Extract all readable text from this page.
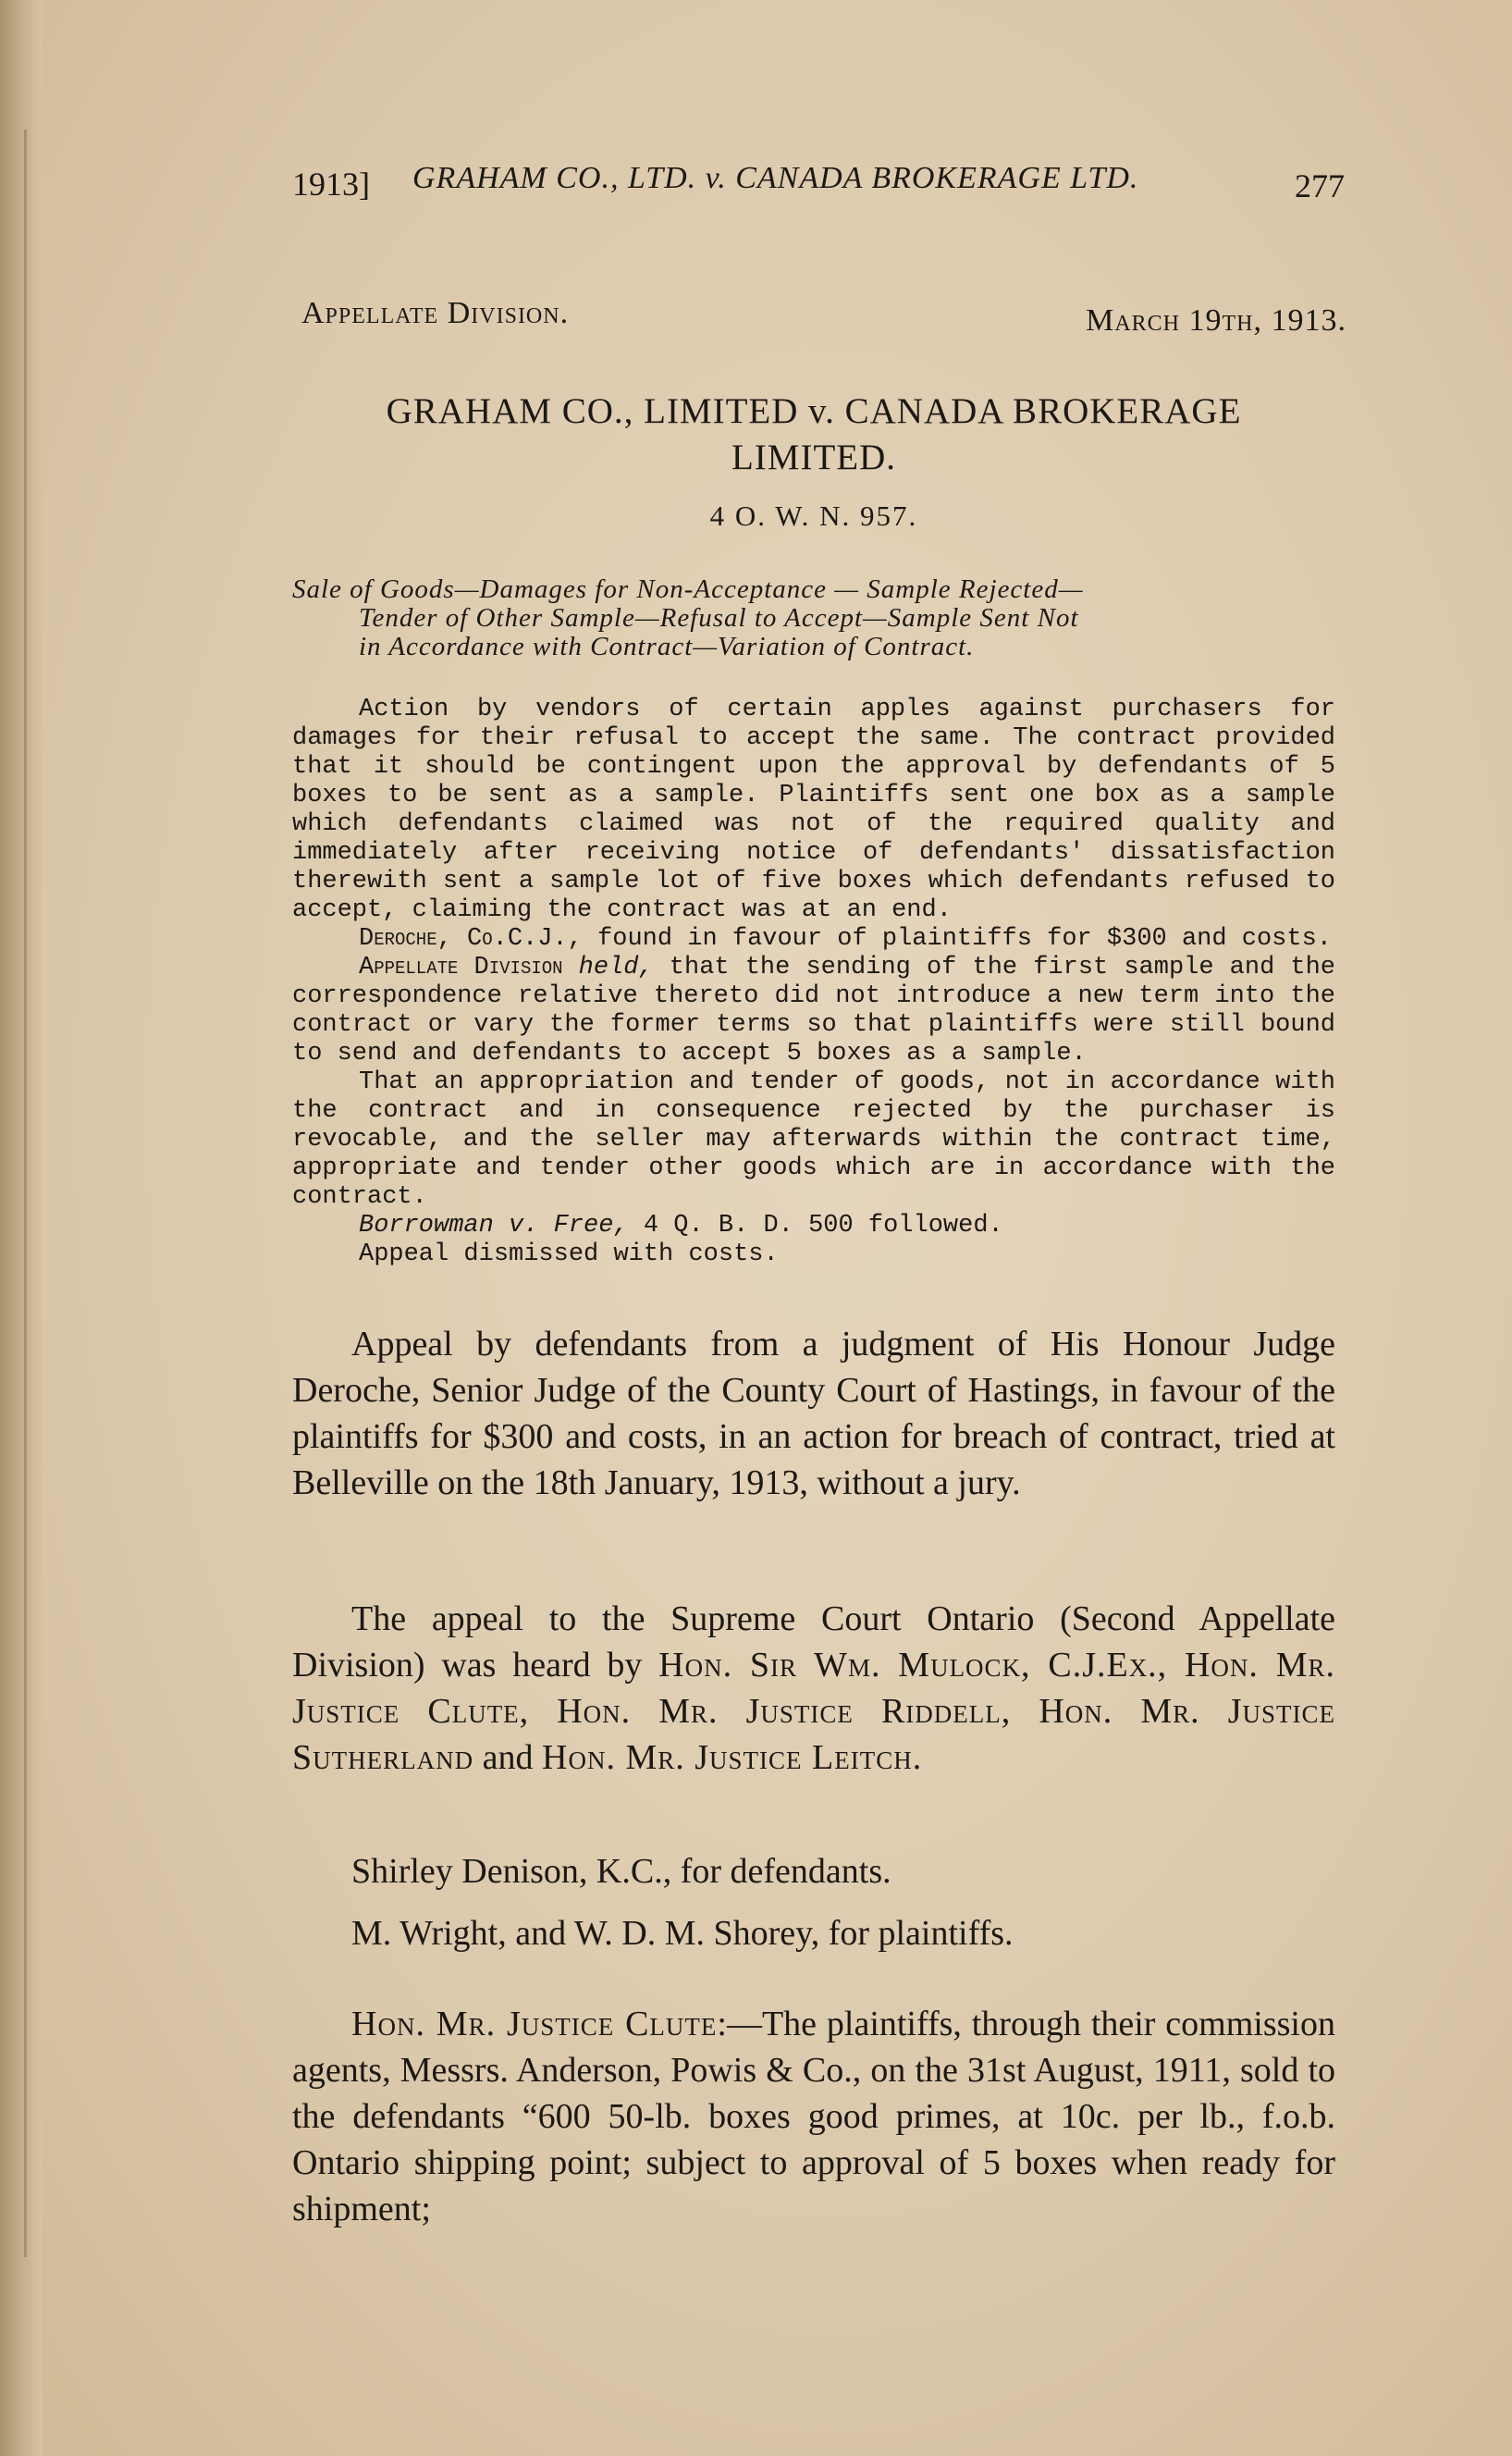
1913] GRAHAM CO., LTD. v. CANADA BROKERAGE LTD.	277
Appellate Division.	March 19th, 1913.
GRAHAM CO., LIMITED v. CANADA BROKERAGE
LIMITED.
4 O. W. N. 957.
Sale of Goods—Damages for Non-Acceptance — Sample Rejected—
Tender of Other Sample—Refusal to Accept—Sample Sent Not
in Accordance with Contract—Variation of Contract.

Action by vendors of certain apples against purchasers for damages for their refusal to accept the same. The contract provided that it should be contingent upon the approval by defendants of 5 boxes to be sent as a sample. Plaintiffs sent one box as a sample which defendants claimed was not of the required quality and immediately after receiving notice of defendants' dissatisfaction therewith sent a sample lot of five boxes which defendants refused to accept, claiming the contract was at an end.

Deroche, Co.C.J., found in favour of plaintiffs for $300 and costs.

Appellate Division held, that the sending of the first sample and the correspondence relative thereto did not introduce a new term into the contract or vary the former terms so that plaintiffs were still bound to send and defendants to accept 5 boxes as a sample.

That an appropriation and tender of goods, not in accordance with the contract and in consequence rejected by the purchaser is revocable, and the seller may afterwards within the contract time, appropriate and tender other goods which are in accordance with the contract.

Borrowman v. Free, 4 Q. B. D. 500 followed.

Appeal dismissed with costs.

Appeal by defendants from a judgment of His Honour Judge Deroche, Senior Judge of the County Court of Hastings, in favour of the plaintiffs for $300 and costs, in an action for breach of contract, tried at Belleville on the 18th January, 1913, without a jury.

The appeal to the Supreme Court Ontario (Second Appellate Division) was heard by Hon. Sir Wm. Mulock, C.J.Ex., Hon. Mr. Justice Clute, Hon. Mr. Justice Riddell, Hon. Mr. Justice Sutherland and Hon. Mr. Justice Leitch.

Shirley Denison, K.C., for defendants.

M. Wright, and W. D. M. Shorey, for plaintiffs.

Hon. Mr. Justice Clute:—The plaintiffs, through their commission agents, Messrs. Anderson, Powis & Co., on the 31st August, 1911, sold to the defendants “600 50-lb. boxes good primes, at 10c. per lb., f.o.b. Ontario shipping point; subject to approval of 5 boxes when ready for shipment;
